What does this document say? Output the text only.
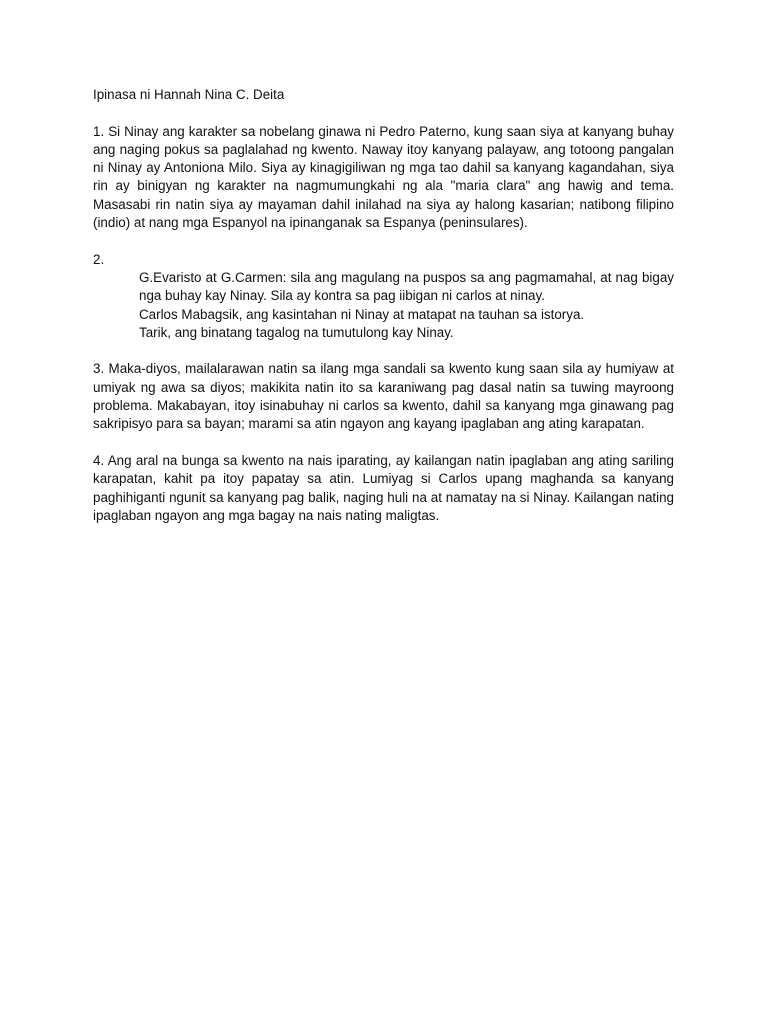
Ipinasa ni Hannah Nina C. Deita

1. Si Ninay ang karakter sa nobelang ginawa ni Pedro Paterno, kung saan siya at kanyang buhay ang naging pokus sa paglalahad ng kwento. Naway itoy kanyang palayaw, ang totoong pangalan ni Ninay ay Antoniona Milo. Siya ay kinagigiliwan ng mga tao dahil sa kanyang kagandahan, siya rin ay binigyan ng karakter na nagmumungkahi ng ala "maria clara" ang hawig and tema. Masasabi rin natin siya ay mayaman dahil inilahad na siya ay halong kasarian; natibong filipino (indio) at nang mga Espanyol na ipinanganak sa Espanya (peninsulares).

2.

G.Evaristo at G.Carmen: sila ang magulang na puspos sa ang pagmamahal, at nag bigay nga buhay kay Ninay. Sila ay kontra sa pag iibigan ni carlos at ninay.
Carlos Mabagsik, ang kasintahan ni Ninay at matapat na tauhan sa istorya.
Tarik, ang binatang tagalog na tumutulong kay Ninay.

3. Maka-diyos, mailalarawan natin sa ilang mga sandali sa kwento kung saan sila ay humiyaw at umiyak ng awa sa diyos; makikita natin ito sa karaniwang pag dasal natin sa tuwing mayroong problema. Makabayan, itoy isinabuhay ni carlos sa kwento, dahil sa kanyang mga ginawang pag sakripisyo para sa bayan; marami sa atin ngayon ang kayang ipaglaban ang ating karapatan.

4. Ang aral na bunga sa kwento na nais iparating, ay kailangan natin ipaglaban ang ating sariling karapatan, kahit pa itoy papatay sa atin. Lumiyag si Carlos upang maghanda sa kanyang paghihiganti ngunit sa kanyang pag balik, naging huli na at namatay na si Ninay. Kailangan nating ipaglaban ngayon ang mga bagay na nais nating maligtas.
